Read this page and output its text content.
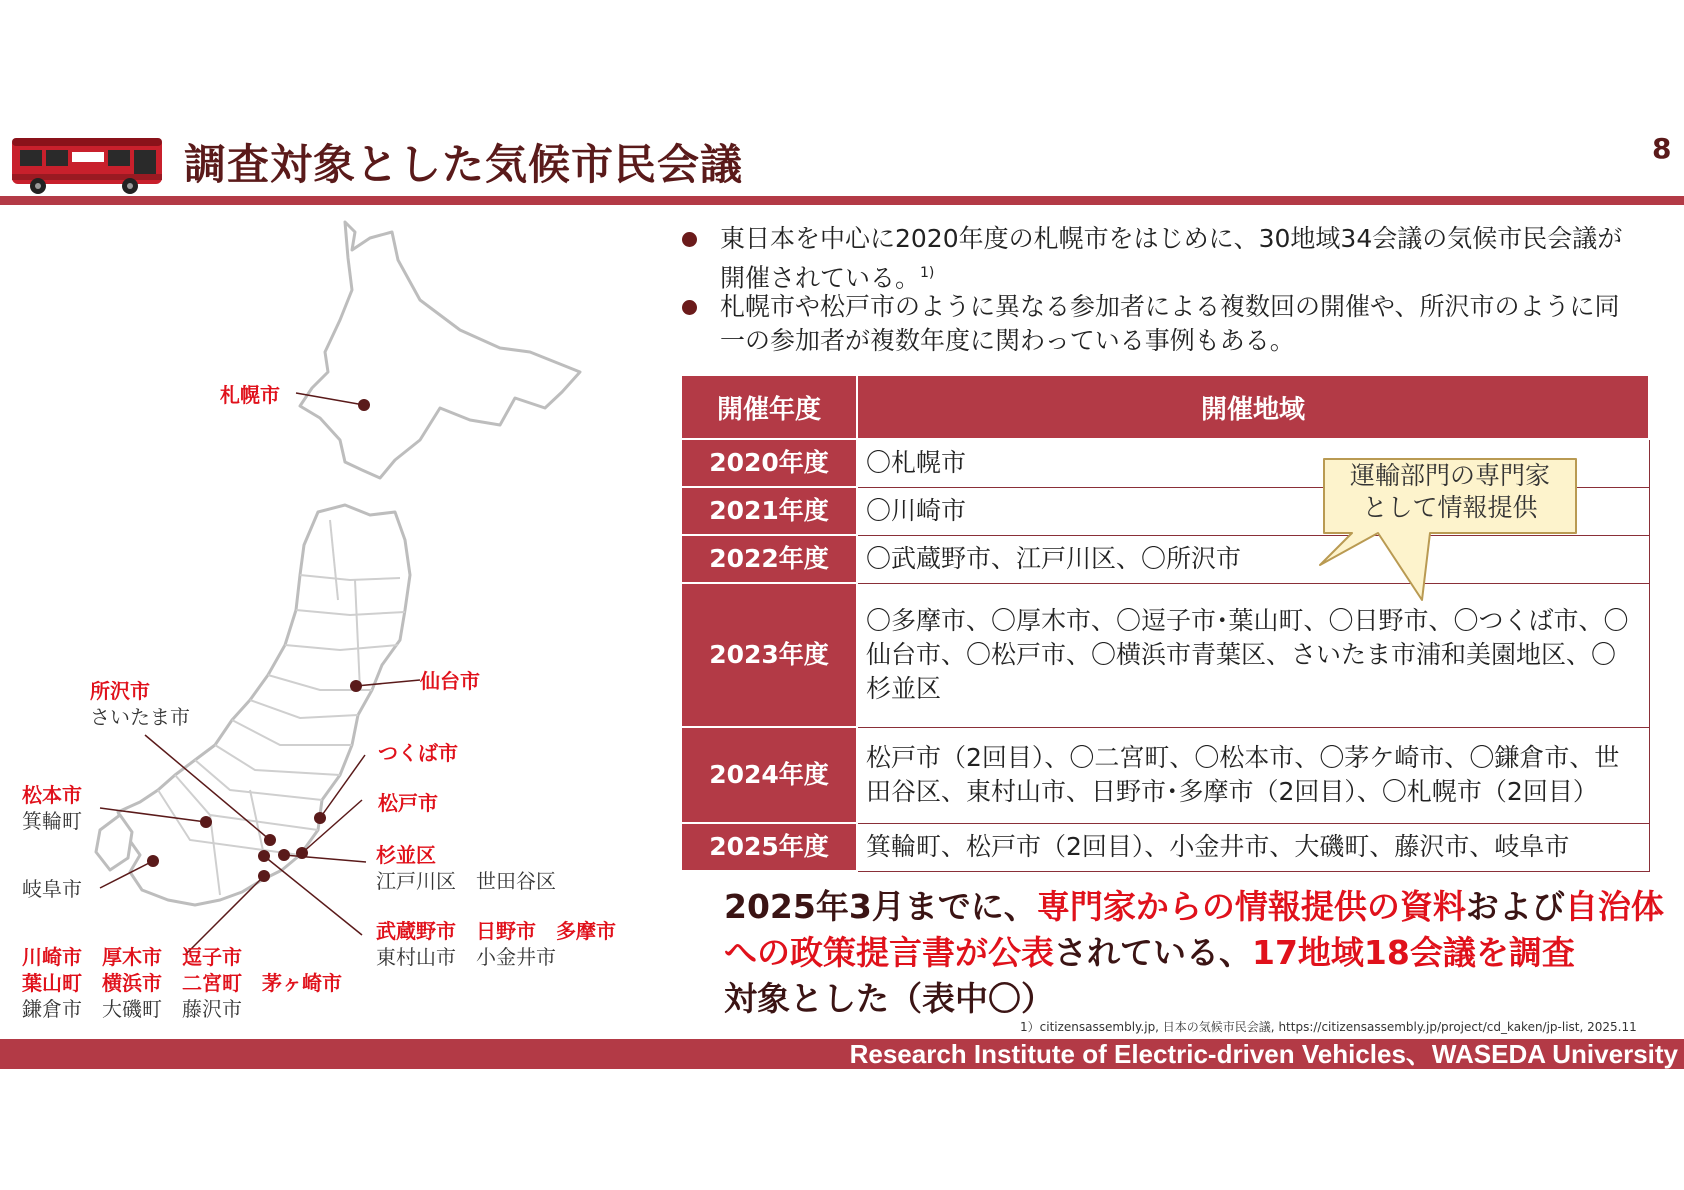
調査対象とした気候市民会議	8
札幌市
仙台市
所沢市
さいたま市
つくば市
松本市
箕輪町
松戸市
杉並区
江戸川区　 世田谷区
岐阜市
武蔵野市　 日野市　 多摩市
東村山市　 小金井市
川崎市　 厚木市　 逗子市
葉山町　 横浜市　 二宮町　 茅ヶ崎市
鎌倉市　 大磯町　 藤沢市
東日本を中心に2020年度の札幌市をはじめに、30地域34会議の気候市民会議が開催されている。$^{1)}$
札幌市や松戸市のように異なる参加者による複数回の開催や、所沢市のように同一の参加者が複数年度に関わっている事例もある。
開催年度	開催地域
2020年度	〇札幌市
2021年度	〇川崎市
2022年度	〇武蔵野市、江戸川区、〇所沢市
2023年度	〇多摩市、〇厚木市、〇逗子市･葉山町、〇日野市、〇つくば市、〇仙台市、〇松戸市、〇横浜市青葉区、さいたま市浦和美園地区、〇杉並区
2024年度	松戸市（2回目）、〇二宮町、〇松本市、〇茅ケ崎市、〇鎌倉市、世田谷区、東村山市、日野市･多摩市（2回目）、〇札幌市（2回目）
2025年度	箕輪町、松戸市（2回目）、小金井市、大磯町、藤沢市、岐阜市
運輸部門の専門家
として情報提供
2025年3月までに、専門家からの情報提供の資料および自治体への政策提言書が公表されている、17地域18会議を調査
対象とした（表中〇）
1）citizensassembly.jp, 日本の気候市民会議, https://citizensassembly.jp/project/cd_kaken/jp-list, 2025.11
Research Institute of Electric-driven Vehicles、WASEDA University
